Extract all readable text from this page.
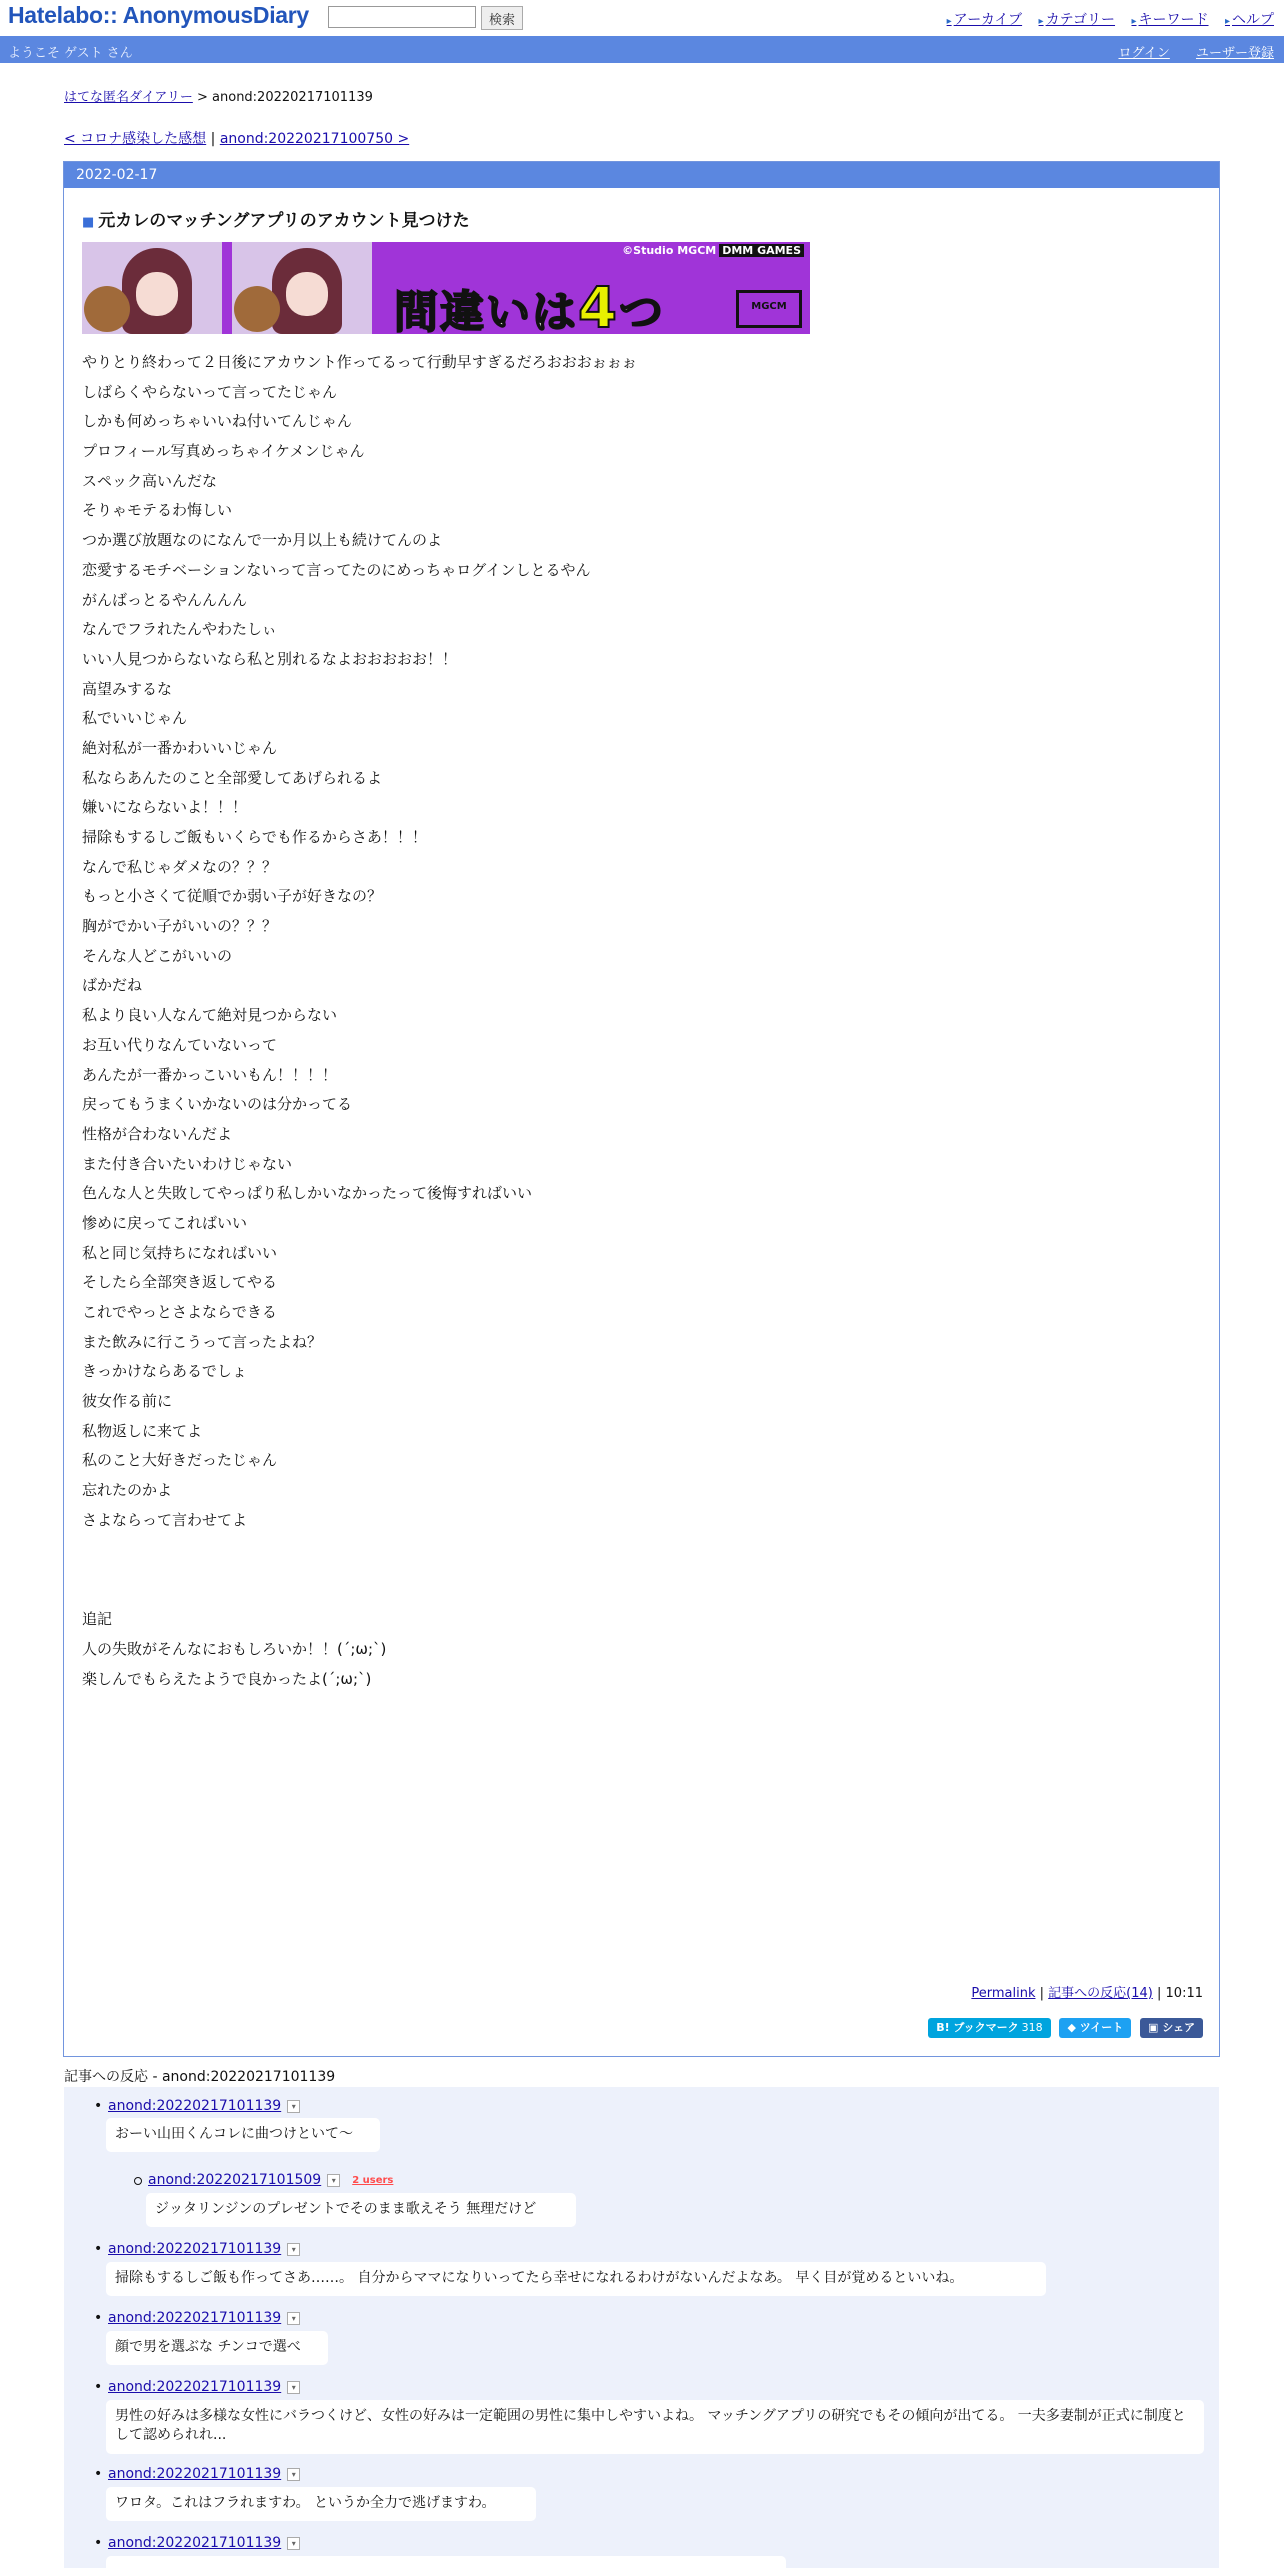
Hatelabo:: AnonymousDiary	検索	▸ アーカイブ ▸ カテゴリー ▸ キーワード ▸ ヘルプ
ようこそ ゲスト さん	ログイン ユーザー登録
はてな匿名ダイアリー > anond:20220217101139
< コロナ感染した感想 | anond:20220217100750 >
2022-02-17
■ 元カレのマッチングアプリのアカウント見つけた
間違いは4つ
©Studio MGCM DMM GAMES
MGCM
やりとり終わって２日後にアカウント作ってるって行動早すぎるだろおおおぉぉぉ
しばらくやらないって言ってたじゃん
しかも何めっちゃいいね付いてんじゃん
プロフィール写真めっちゃイケメンじゃん
スペック高いんだな
そりゃモテるわ悔しい
つか選び放題なのになんで一か月以上も続けてんのよ
恋愛するモチベーションないって言ってたのにめっちゃログインしとるやん
がんばっとるやんんんん
なんでフラれたんやわたしぃ
いい人見つからないなら私と別れるなよおおおおお！！
高望みするな
私でいいじゃん
絶対私が一番かわいいじゃん
私ならあんたのこと全部愛してあげられるよ
嫌いにならないよ！！！
掃除もするしご飯もいくらでも作るからさあ！！！
なんで私じゃダメなの？？？
もっと小さくて従順でか弱い子が好きなの？
胸がでかい子がいいの？？？
そんな人どこがいいの
ばかだね
私より良い人なんて絶対見つからない
お互い代りなんていないって
あんたが一番かっこいいもん！！！！
戻ってもうまくいかないのは分かってる
性格が合わないんだよ
また付き合いたいわけじゃない
色んな人と失敗してやっぱり私しかいなかったって後悔すればいい
惨めに戻ってこればいい
私と同じ気持ちになればいい
そしたら全部突き返してやる
これでやっとさよならできる
また飲みに行こうって言ったよね？
きっかけならあるでしょ
彼女作る前に
私物返しに来てよ
私のこと大好きだったじゃん
忘れたのかよ
さよならって言わせてよ
追記
人の失敗がそんなにおもしろいか！！(´;ω;`)
楽しんでもらえたようで良かったよ(´;ω;`)
Permalink | 記事への反応(14) | 10:11
B! ブックマーク 318 ◆ ツイート ▣ シェア
記事への反応 - anond:20220217101139
• anond:20220217101139 ▾
おーい山田くんコレに曲つけといて～
anond:20220217101509 ▾ 2 users
ジッタリンジンのプレゼントでそのまま歌えそう 無理だけど
• anond:20220217101139 ▾
掃除もするしご飯も作ってさあ……。 自分からママになりいってたら幸せになれるわけがないんだよなあ。 早く目が覚めるといいね。
• anond:20220217101139 ▾
顔で男を選ぶな チンコで選べ
• anond:20220217101139 ▾
男性の好みは多様な女性にバラつくけど、女性の好みは一定範囲の男性に集中しやすいよね。 マッチングアプリの研究でもその傾向が出てる。 一夫多妻制が正式に制度として認められれ...
• anond:20220217101139 ▾
ワロタ。これはフラれますわ。 というか全力で逃げますわ。
• anond:20220217101139 ▾
